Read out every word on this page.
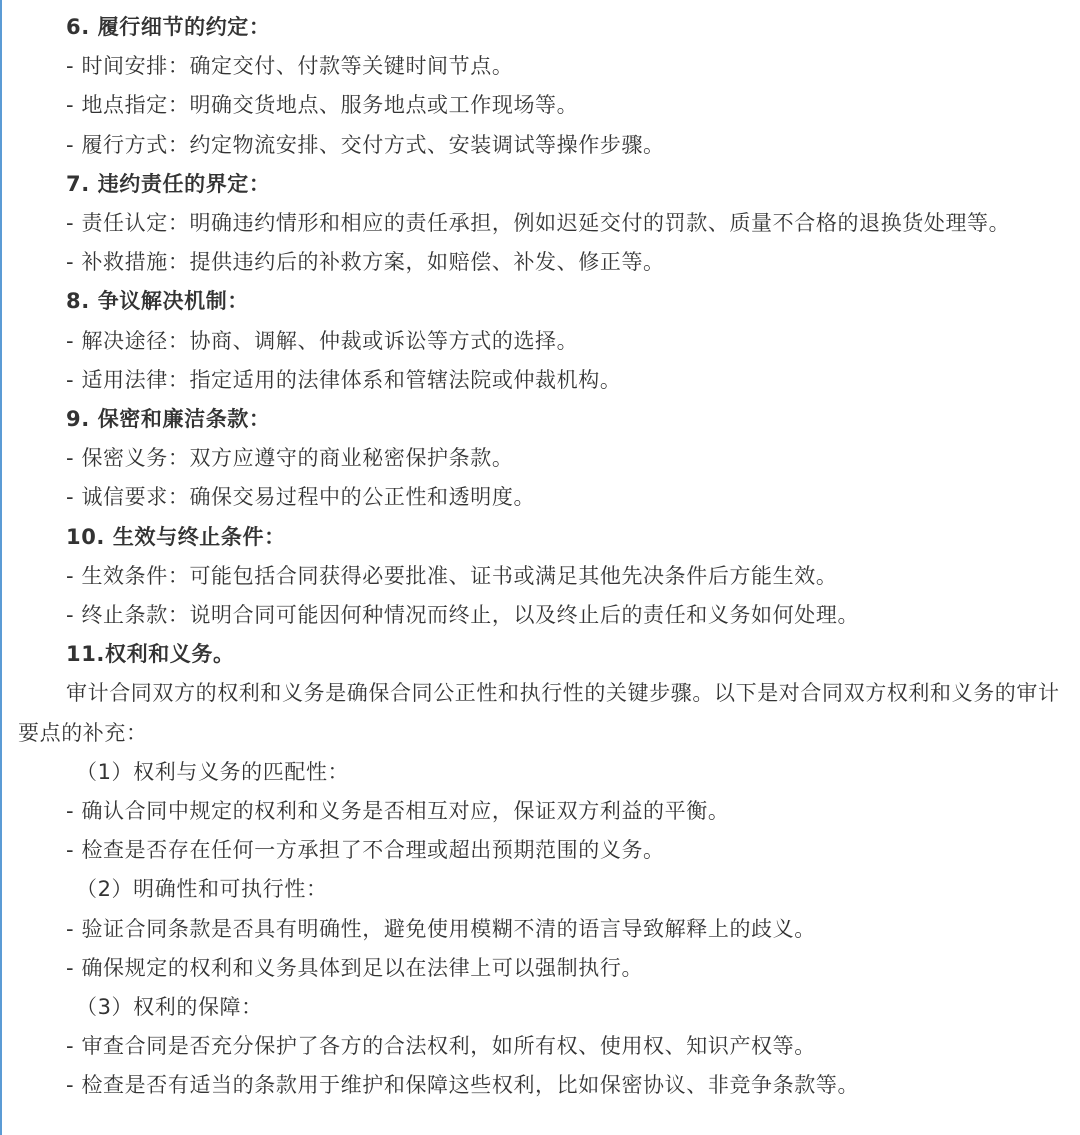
6. 履行细节的约定：
- 时间安排：确定交付、付款等关键时间节点。
- 地点指定：明确交货地点、服务地点或工作现场等。
- 履行方式：约定物流安排、交付方式、安装调试等操作步骤。
7. 违约责任的界定：
- 责任认定：明确违约情形和相应的责任承担，例如迟延交付的罚款、质量不合格的退换货处理等。
- 补救措施：提供违约后的补救方案，如赔偿、补发、修正等。
8. 争议解决机制：
- 解决途径：协商、调解、仲裁或诉讼等方式的选择。
- 适用法律：指定适用的法律体系和管辖法院或仲裁机构。
9. 保密和廉洁条款：
- 保密义务：双方应遵守的商业秘密保护条款。
- 诚信要求：确保交易过程中的公正性和透明度。
10. 生效与终止条件：
- 生效条件：可能包括合同获得必要批准、证书或满足其他先决条件后方能生效。
- 终止条款：说明合同可能因何种情况而终止，以及终止后的责任和义务如何处理。
11.权利和义务。
审计合同双方的权利和义务是确保合同公正性和执行性的关键步骤。以下是对合同双方权利和义务的审计要点的补充：
（1）权利与义务的匹配性：
- 确认合同中规定的权利和义务是否相互对应，保证双方利益的平衡。
- 检查是否存在任何一方承担了不合理或超出预期范围的义务。
（2）明确性和可执行性：
- 验证合同条款是否具有明确性，避免使用模糊不清的语言导致解释上的歧义。
- 确保规定的权利和义务具体到足以在法律上可以强制执行。
（3）权利的保障：
- 审查合同是否充分保护了各方的合法权利，如所有权、使用权、知识产权等。
- 检查是否有适当的条款用于维护和保障这些权利，比如保密协议、非竞争条款等。
